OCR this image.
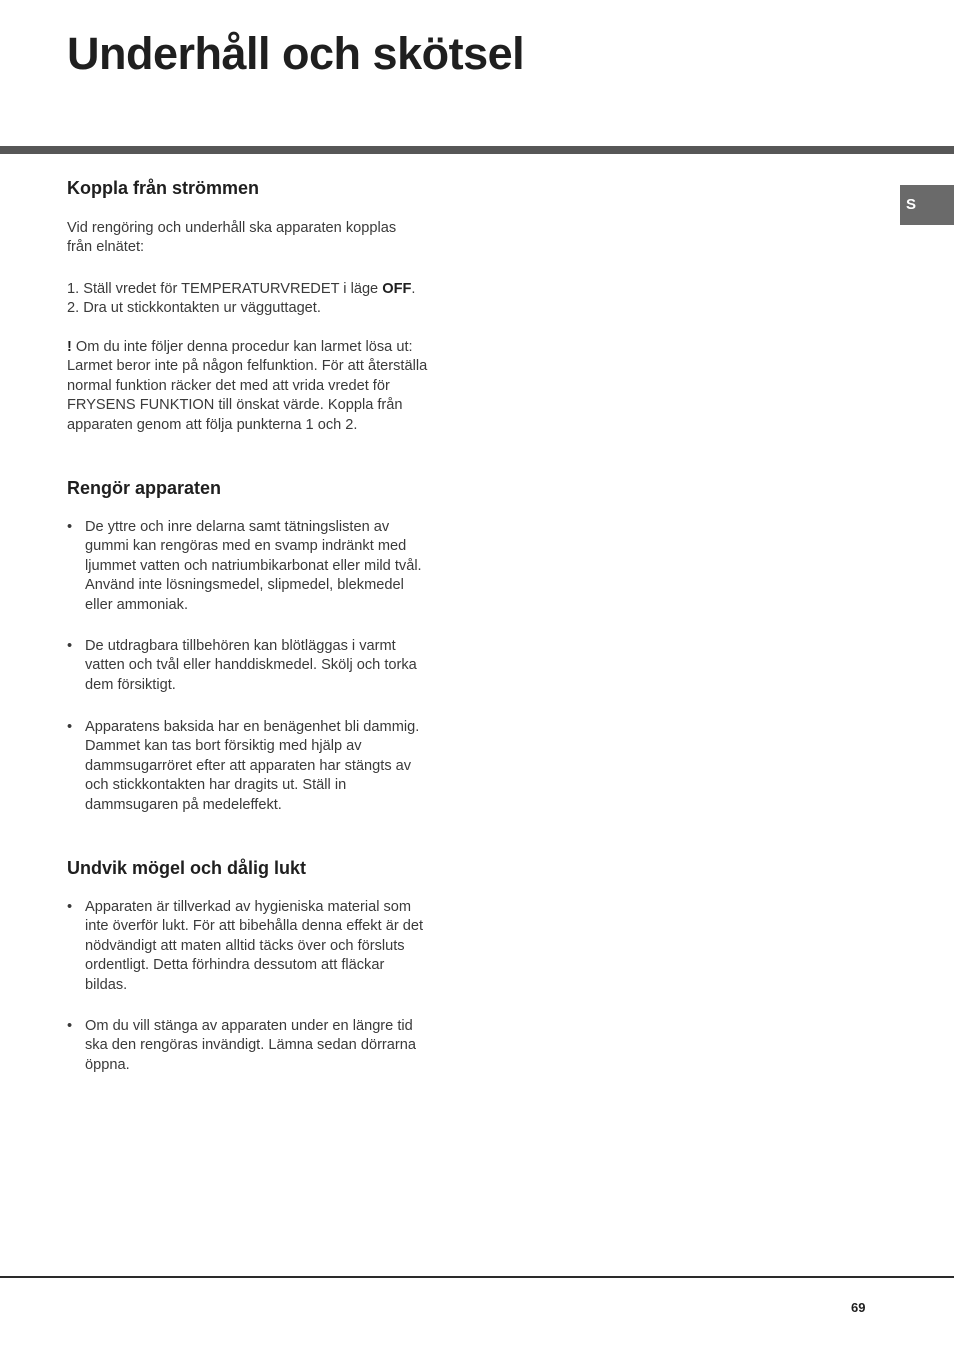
Underhåll och skötsel
S
Koppla från strömmen

Vid rengöring och underhåll ska apparaten kopplas
från elnätet:

1. Ställ vredet för TEMPERATURVREDET i läge OFF.
2. Dra ut stickkontakten ur vägguttaget.

! Om du inte följer denna procedur kan larmet lösa ut:
Larmet beror inte på någon felfunktion. För att återställa
normal funktion räcker det med att vrida vredet för
FRYSENS FUNKTION till önskat värde. Koppla från
apparaten genom att följa punkterna 1 och 2.

Rengör apparaten
• De yttre och inre delarna samt tätningslisten av
gummi kan rengöras med en svamp indränkt med
ljummet vatten och natriumbikarbonat eller mild tvål.
Använd inte lösningsmedel, slipmedel, blekmedel
eller ammoniak.
• De utdragbara tillbehören kan blötläggas i varmt
vatten och tvål eller handdiskmedel. Skölj och torka
dem försiktigt.
• Apparatens baksida har en benägenhet bli dammig.
Dammet kan tas bort försiktig med hjälp av
dammsugarröret efter att apparaten har stängts av
och stickkontakten har dragits ut. Ställ in
dammsugaren på medeleffekt.
Undvik mögel och dålig lukt
• Apparaten är tillverkad av hygieniska material som
inte överför lukt. För att bibehålla denna effekt är det
nödvändigt att maten alltid täcks över och försluts
ordentligt. Detta förhindra dessutom att fläckar
bildas.
• Om du vill stänga av apparaten under en längre tid
ska den rengöras invändigt. Lämna sedan dörrarna
öppna.
69
